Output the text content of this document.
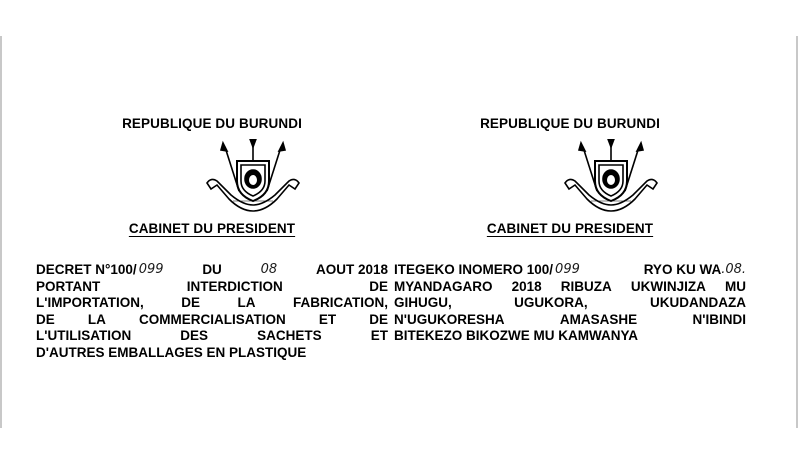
REPUBLIQUE DU BURUNDI
CABINET DU PRESIDENT
DECRET N°100/ 099	DU	08	AOUT 2018
PORTANT	INTERDICTION	DE
L'IMPORTATION,	DE	LA	FABRICATION,
DE LA COMMERCIALISATION ET DE
L'UTILISATION	DES	SACHETS	ET
D'AUTRES EMBALLAGES EN PLASTIQUE
REPUBLIQUE DU BURUNDI
CABINET DU PRESIDENT
ITEGEKO INOMERO 100/ 099	RYO KU WA .08.
MYANDAGARO 2018 RIBUZA UKWINJIZA MU
GIHUGU,	UGUKORA,	UKUDANDAZA
N'UGUKORESHA	AMASASHE	N'IBINDI
BITEKEZO BIKOZWE MU KAMWANYA
